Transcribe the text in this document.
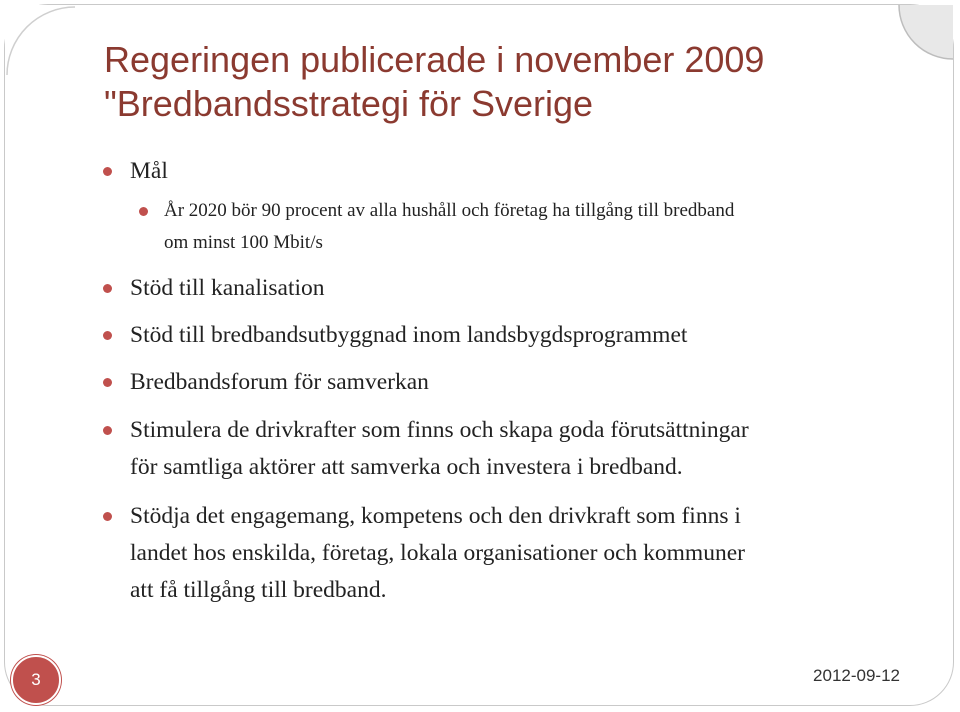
Regeringen publicerade i november 2009
"Bredbandsstrategi för Sverige
Mål
År 2020 bör 90 procent av alla hushåll och företag ha tillgång till bredband
om minst 100 Mbit/s
Stöd till kanalisation
Stöd till bredbandsutbyggnad inom landsbygdsprogrammet
Bredbandsforum för samverkan
Stimulera de drivkrafter som finns och skapa goda förutsättningar
för samtliga aktörer att samverka och investera i bredband.
Stödja det engagemang, kompetens och den drivkraft som finns i
landet hos enskilda, företag, lokala organisationer och kommuner
att få tillgång till bredband.
3	2012-09-12
